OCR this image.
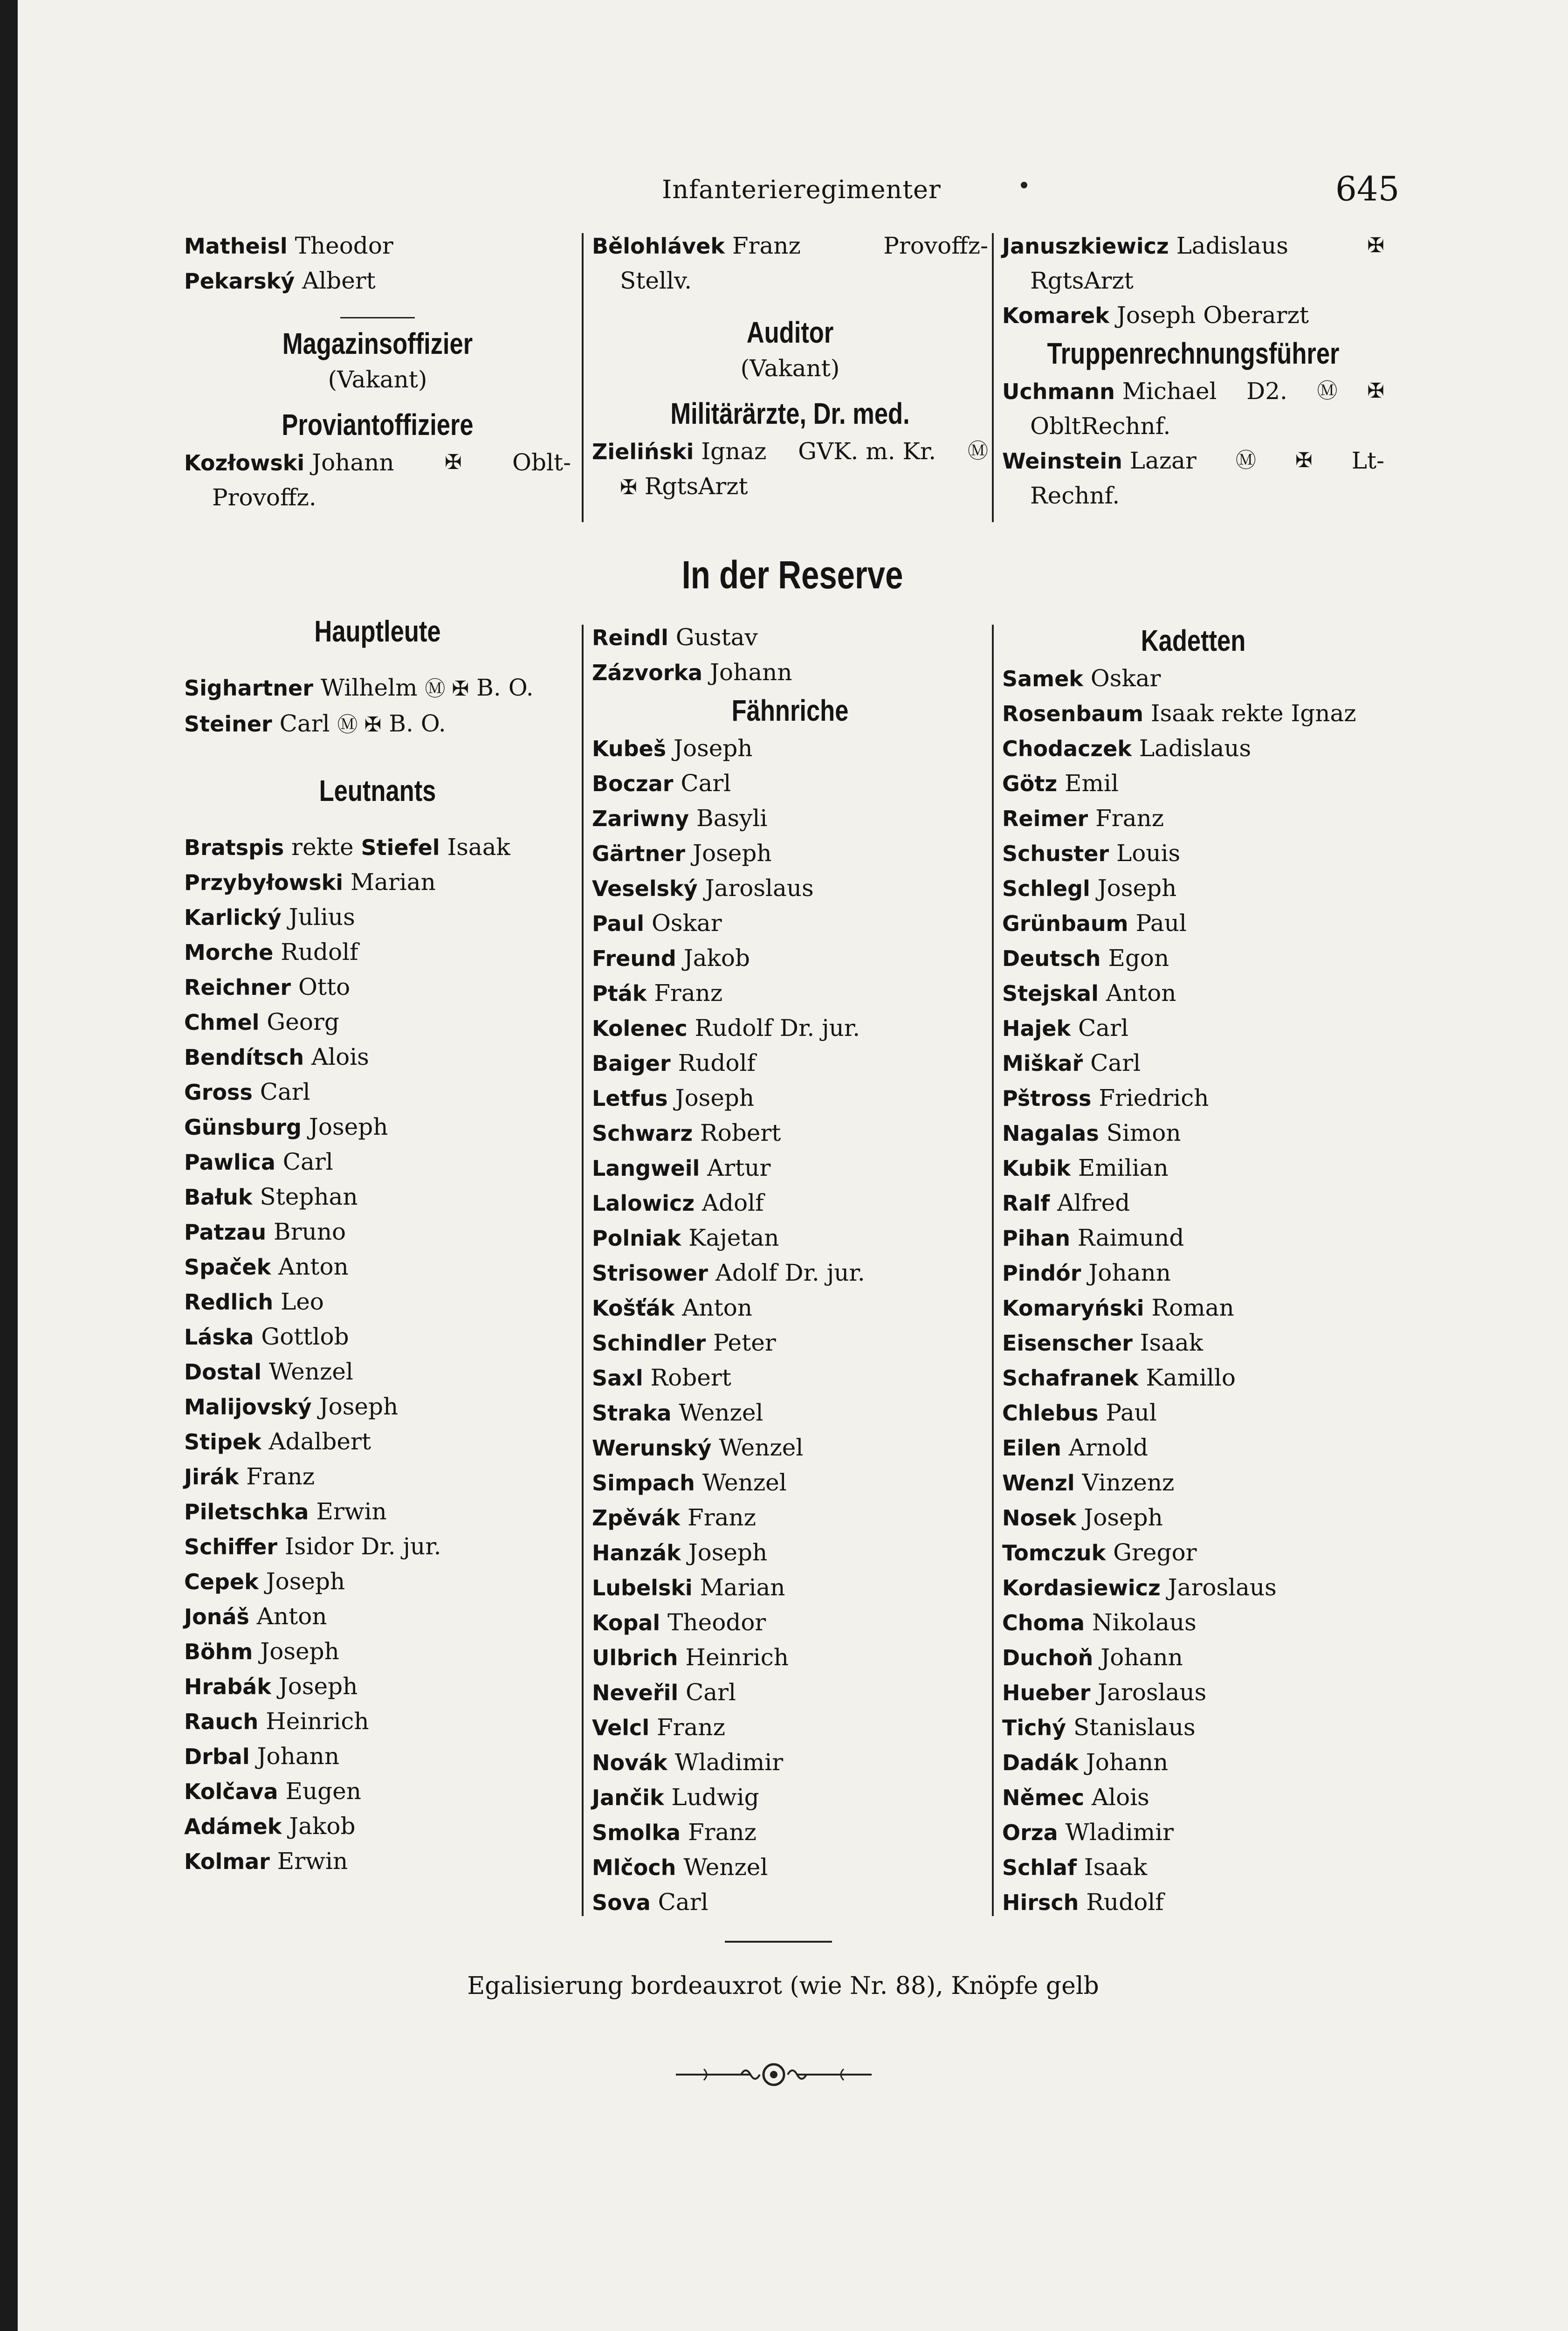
Infanterieregimenter	645
Matheisl Theodor
Pekarský Albert
Magazinsoffizier
(Vakant)
Proviantoffiziere
Kozłowski Johann ✠ Oblt-
Provoffz.
Bělohlávek Franz	Provoffz-
Stellv.
Auditor
(Vakant)
Militärärzte, Dr. med.
Zieliński Ignaz GVK. m. Kr. Ⓜ
✠ RgtsArzt
Januszkiewicz Ladislaus	✠
RgtsArzt
Komarek Joseph Oberarzt
Truppenrechnungsführer
Uchmann Michael D2. Ⓜ ✠
ObltRechnf.
Weinstein Lazar Ⓜ ✠ Lt-
Rechnf.
In der Reserve
Hauptleute
Sighartner Wilhelm Ⓜ ✠ B. O.
Steiner Carl Ⓜ ✠ B. O.
Leutnants
Bratspis rekte Stiefel Isaak
Przybyłowski Marian
Karlický Julius
Morche Rudolf
Reichner Otto
Chmel Georg
Bendítsch Alois
Gross Carl
Günsburg Joseph
Pawlica Carl
Bałuk Stephan
Patzau Bruno
Spaček Anton
Redlich Leo
Láska Gottlob
Dostal Wenzel
Malijovský Joseph
Stipek Adalbert
Jirák Franz
Piletschka Erwin
Schiffer Isidor Dr. jur.
Cepek Joseph
Jonáš Anton
Böhm Joseph
Hrabák Joseph
Rauch Heinrich
Drbal Johann
Kolčava Eugen
Adámek Jakob
Kolmar Erwin
Reindl Gustav
Zázvorka Johann
Fähnriche
Kubeš Joseph
Boczar Carl
Zariwny Basyli
Gärtner Joseph
Veselský Jaroslaus
Paul Oskar
Freund Jakob
Pták Franz
Kolenec Rudolf Dr. jur.
Baiger Rudolf
Letfus Joseph
Schwarz Robert
Langweil Artur
Lalowicz Adolf
Polniak Kajetan
Strisower Adolf Dr. jur.
Košťák Anton
Schindler Peter
Saxl Robert
Straka Wenzel
Werunský Wenzel
Simpach Wenzel
Zpěvák Franz
Hanzák Joseph
Lubelski Marian
Kopal Theodor
Ulbrich Heinrich
Neveřil Carl
Velcl Franz
Novák Wladimir
Jančik Ludwig
Smolka Franz
Mlčoch Wenzel
Sova Carl
Kadetten
Samek Oskar
Rosenbaum Isaak rekte Ignaz
Chodaczek Ladislaus
Götz Emil
Reimer Franz
Schuster Louis
Schlegl Joseph
Grünbaum Paul
Deutsch Egon
Stejskal Anton
Hajek Carl
Miškař Carl
Pštross Friedrich
Nagalas Simon
Kubik Emilian
Ralf Alfred
Pihan Raimund
Pindór Johann
Komaryński Roman
Eisenscher Isaak
Schafranek Kamillo
Chlebus Paul
Eilen Arnold
Wenzl Vinzenz
Nosek Joseph
Tomczuk Gregor
Kordasiewicz Jaroslaus
Choma Nikolaus
Duchoň Johann
Hueber Jaroslaus
Tichý Stanislaus
Dadák Johann
Němec Alois
Orza Wladimir
Schlaf Isaak
Hirsch Rudolf
Egalisierung bordeauxrot (wie Nr. 88), Knöpfe gelb
